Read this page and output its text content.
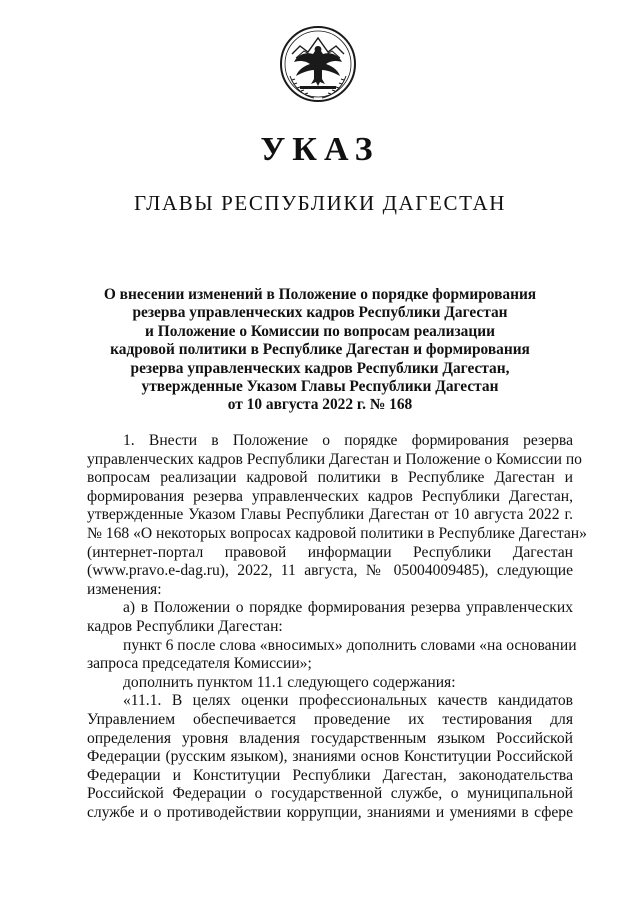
УКАЗ
ГЛАВЫ РЕСПУБЛИКИ ДАГЕСТАН
О внесении изменений в Положение о порядке формирования
резерва управленческих кадров Республики Дагестан
и Положение о Комиссии по вопросам реализации
кадровой политики в Республике Дагестан и формирования
резерва управленческих кадров Республики Дагестан,
утвержденные Указом Главы Республики Дагестан
от 10 августа 2022 г. № 168
1. Внести в Положение о порядке формирования резерва
управленческих кадров Республики Дагестан и Положение о Комиссии по
вопросам реализации кадровой политики в Республике Дагестан и
формирования резерва управленческих кадров Республики Дагестан,
утвержденные Указом Главы Республики Дагестан от 10 августа 2022 г.
№ 168 «О некоторых вопросах кадровой политики в Республике Дагестан»
(интернет-портал правовой информации Республики Дагестан
(www.pravo.e-dag.ru), 2022, 11 августа, № 05004009485), следующие
изменения:
а) в Положении о порядке формирования резерва управленческих
кадров Республики Дагестан:
пункт 6 после слова «вносимых» дополнить словами «на основании
запроса председателя Комиссии»;
дополнить пунктом 11.1 следующего содержания:
«11.1. В целях оценки профессиональных качеств кандидатов
Управлением обеспечивается проведение их тестирования для
определения уровня владения государственным языком Российской
Федерации (русским языком), знаниями основ Конституции Российской
Федерации и Конституции Республики Дагестан, законодательства
Российской Федерации о государственной службе, о муниципальной
службе и о противодействии коррупции, знаниями и умениями в сфере
